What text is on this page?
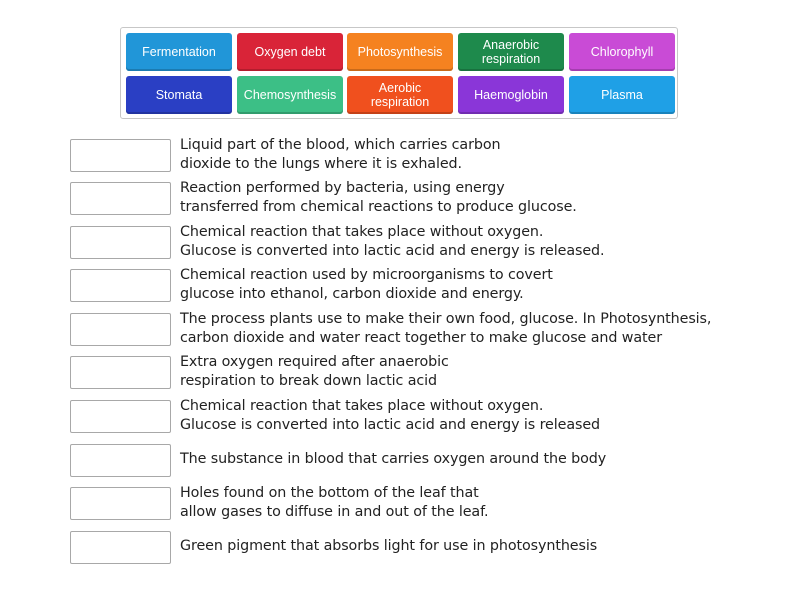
Fermentation	Oxygen debt	Photosynthesis	Anaerobic
respiration	Chlorophyll
Stomata	Chemosynthesis	Aerobic
respiration	Haemoglobin	Plasma
Liquid part of the blood, which carries carbon
dioxide to the lungs where it is exhaled.
Reaction performed by bacteria, using energy
transferred from chemical reactions to produce glucose.
Chemical reaction that takes place without oxygen.
Glucose is converted into lactic acid and energy is released.
Chemical reaction used by microorganisms to covert
glucose into ethanol, carbon dioxide and energy.
The process plants use to make their own food, glucose. In Photosynthesis,
carbon dioxide and water react together to make glucose and water
Extra oxygen required after anaerobic
respiration to break down lactic acid
Chemical reaction that takes place without oxygen.
Glucose is converted into lactic acid and energy is released
The substance in blood that carries oxygen around the body
Holes found on the bottom of the leaf that
allow gases to diffuse in and out of the leaf.
Green pigment that absorbs light for use in photosynthesis
